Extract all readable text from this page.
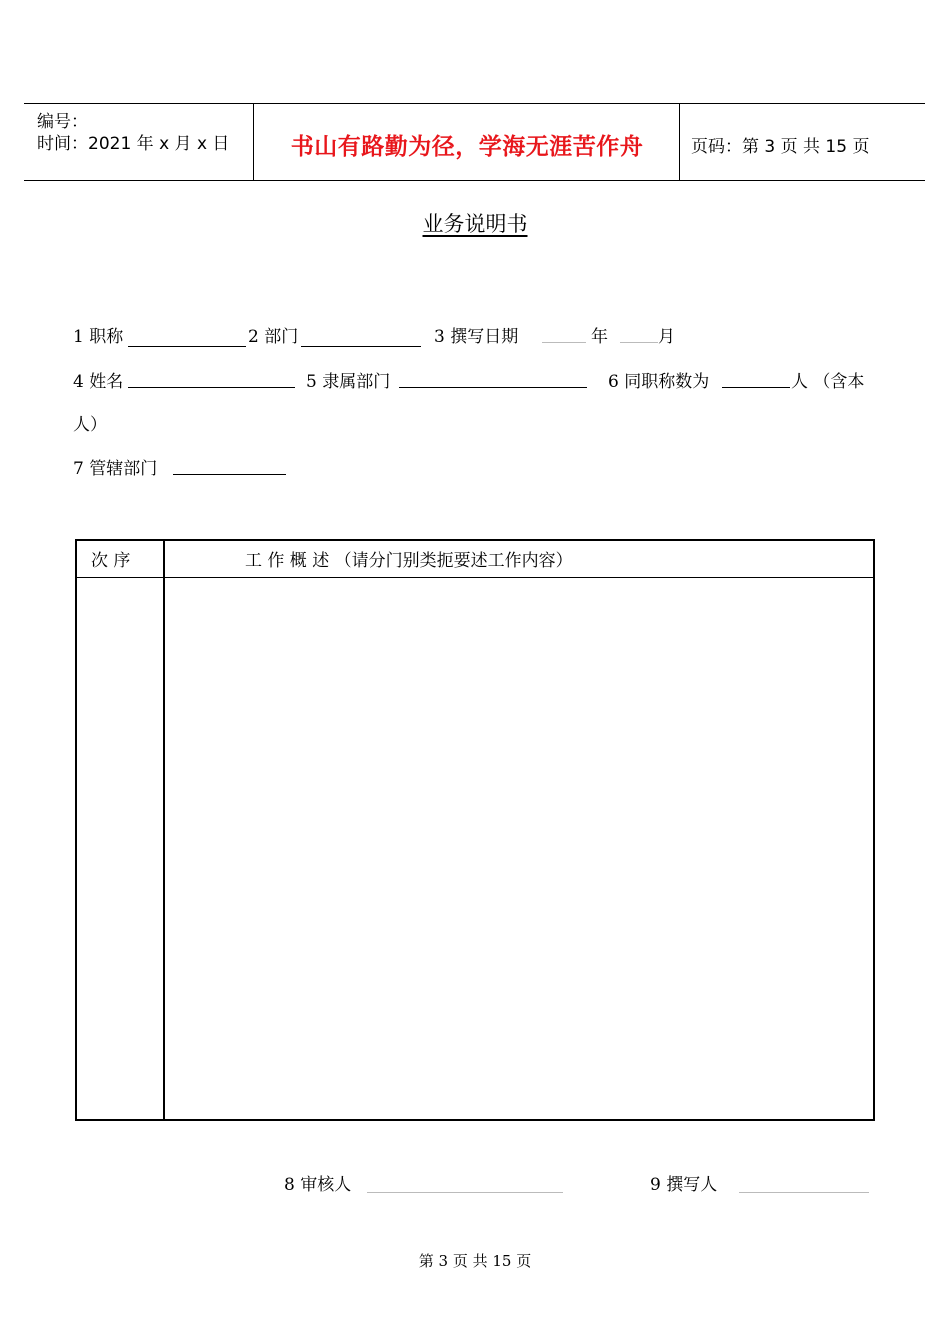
编号：
时间：2021 年 x 月 x 日	书山有路勤为径，学海无涯苦作舟	页码：第 3 页 共 15 页
业务说明书
1 职称	2 部门	3 撰写日期	年	月
4 姓名	5 隶属部门	6 同职称数为	人 （含本
人）
7 管辖部门
次 序	工 作 概 述 （请分门别类扼要述工作内容）
8 审核人	9 撰写人
第 3 页 共 15 页
